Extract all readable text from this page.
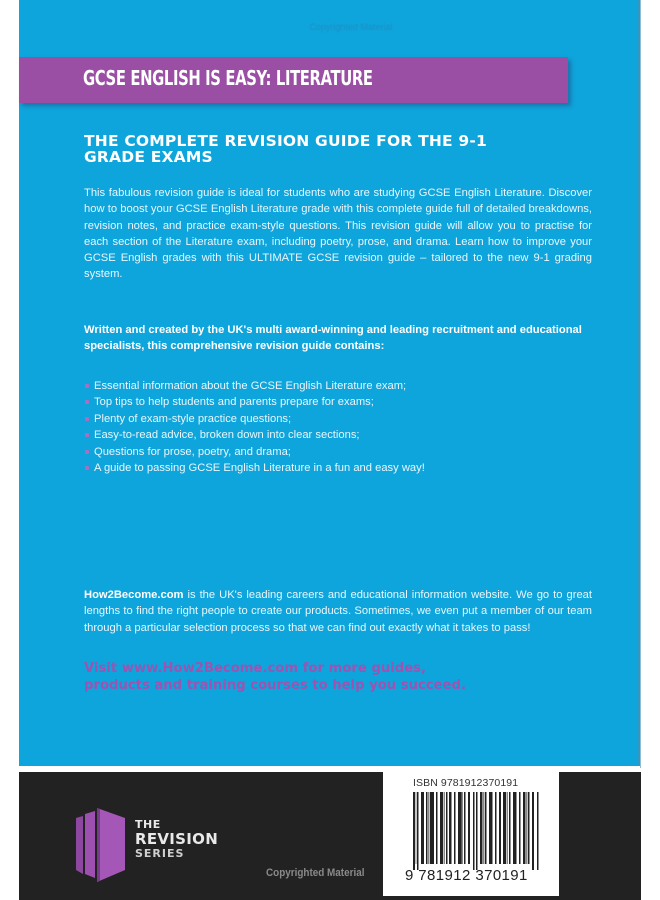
Copyrighted Material
GCSE ENGLISH IS EASY: LITERATURE
THE COMPLETE REVISION GUIDE FOR THE 9-1
GRADE EXAMS

This fabulous revision guide is ideal for students who are studying GCSE English Literature. Discover how to boost your GCSE English Literature grade with this complete guide full of detailed breakdowns, revision notes, and practice exam-style questions. This revision guide will allow you to practise for each section of the Literature exam, including poetry, prose, and drama. Learn how to improve your GCSE English grades with this ULTIMATE GCSE revision guide – tailored to the new 9-1 grading system.

Written and created by the UK's multi award-winning and leading recruitment and educational specialists, this comprehensive revision guide contains:

Essential information about the GCSE English Literature exam;
Top tips to help students and parents prepare for exams;
Plenty of exam-style practice questions;
Easy-to-read advice, broken down into clear sections;
Questions for prose, poetry, and drama;
A guide to passing GCSE English Literature in a fun and easy way!

How2Become.com is the UK's leading careers and educational information website. We go to great lengths to find the right people to create our products. Sometimes, we even put a member of our team through a particular selection process so that we can find out exactly what it takes to pass!

Visit www.How2Become.com for more guides,
products and training courses to help you succeed.
THE
REVISION
SERIES
Copyrighted Material
ISBN 9781912370191
9 781912 370191
